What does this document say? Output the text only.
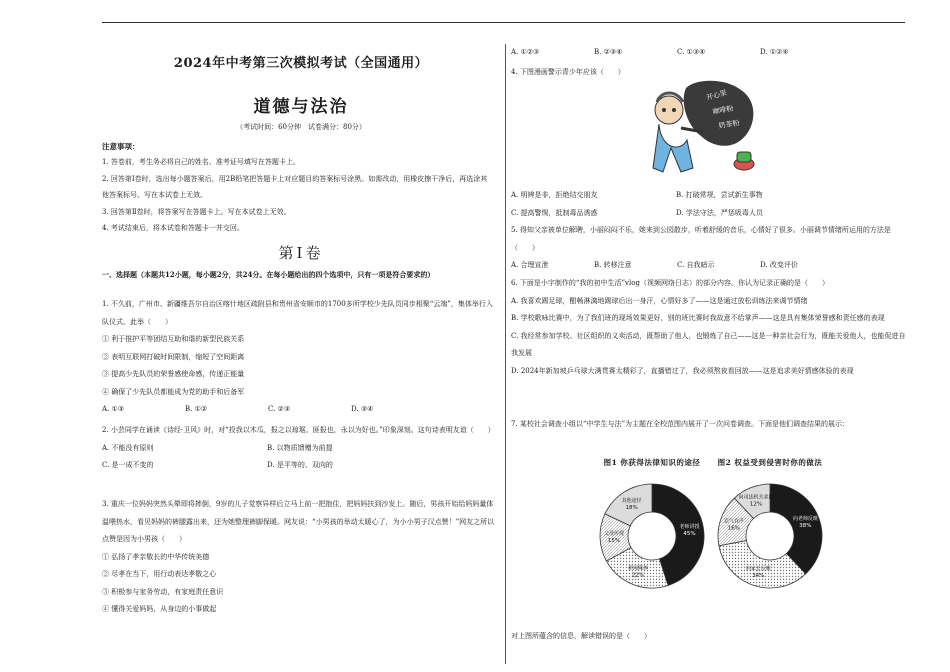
2024年中考第三次模拟考试（全国通用）
道德与法治
（考试时间：60分钟　试卷满分：80分）
注意事项：

1. 答卷前，考生务必将自己的姓名、准考证号填写在答题卡上。

2. 回答第Ⅰ卷时，选出每小题答案后，用2B铅笔把答题卡上对应题目的答案标号涂黑。如需改动，用橡皮擦干净后，再选涂其他答案标号。写在本试卷上无效。

3. 回答第Ⅱ卷时，将答案写在答题卡上。写在本试卷上无效。

4. 考试结束后，将本试卷和答题卡一并交回。

第Ⅰ卷
一、选择题（本题共12小题，每小题2分，共24分。在每小题给出的四个选项中，只有一项是符合要求的）
1. 不久前，广州市、新疆维吾尔自治区喀什地区疏附县和贵州省安顺市的1700多所学校少先队员同步相聚“云端”，集体举行入队仪式。此举（　　）
① 利于推护平等团结互助和谐的新型民族关系
② 表明互联网打破时间限制，缩短了空间距离
③ 提高少先队员的荣誉感使命感，传递正能量
④ 确保了少先队员都能成为党的助手和后备军
A. ①③	B. ①②	C. ②③	D. ③④
2. 小芸同学在诵读《诗经·卫风》时，对“投我以木瓜，报之以琼琚。匪报也，永以为好也。”印象深刻。这句诗表明友谊（　　）
A. 不能没有原则	B. 以物质馈赠为前提
C. 是一成不变的	D. 是平等的、双向的
3. 重庆一位妈妈突然头晕即将摔倒，9岁的儿子觉察异样后立马上前一把抱住，把妈妈扶到沙发上。随后，男孩开始给妈妈量体温喂热水，看见妈妈的裤腿露出来，还为她整理裤脚保暖。网友说：“小男孩的举动太暖心了，为小小男子汉点赞！”网友之所以点赞是因为小男孩（　　）
① 弘扬了孝亲敬长的中华传统美德
② 尽孝在当下，用行动表达孝敬之心
③ 积极参与家务劳动，有家庭责任意识
④ 懂得关爱妈妈，从身边的小事做起
A. ①②③	B. ②③④	C. ①③④	D. ①②④
4. 下图漫画警示青少年应该（　　）
开心果
咖啡粉
奶茶粉
A. 明辨是非，拒绝结交朋友	B. 打破常规，尝试新生事物
C. 提高警惕，抵制毒品诱惑	D. 学法守法，严惩吸毒人员
5. 得知父亲被单位解聘，小丽闷闷不乐，她来到公园散步，听着舒缓的音乐，心情好了很多。小丽调节情绪所运用的方法是（　　）
A. 合理宣泄	B. 转移注意	C. 自我暗示	D. 改变评价
6. 下面是小宇制作的“我的初中生活”vlog（视频网络日志）的部分内容。你认为记录正确的是（　　）
A. 我喜欢踢足球，酣畅淋漓地踢球后出一身汗，心情好多了——这是通过放松训练法来调节情绪
B. 学校歌咏比赛中，为了我们班的现场效果更好，别的班比赛时我故意不给掌声——这是具有集体荣誉感和责任感的表现
C. 我经常参加学校、社区组织的义卖活动，既帮助了他人，也锻炼了自己——这是一种亲社会行为，既能关爱他人，也能促进自我发展
D. 2024年新加坡乒乓球大满贯赛太精彩了，直播错过了，我必须熬夜看回放——这是追求美好情感体验的表现
7. 某校社会调查小组以“中学生与法”为主题在全校范围内展开了一次问卷调查。下面是他们调查结果的展示：
图1 你获得法律知识的途径
老师讲授
45%
新闻媒体
22%
父母传授
15%
其他途径
18%
图2 权益受到侵害时你的做法
向老师反映
38%
向家长反映
34%
忍气吞声
16%
向司法机关求助
12%
对上图所蕴含的信息，解读错误的是（　　）
